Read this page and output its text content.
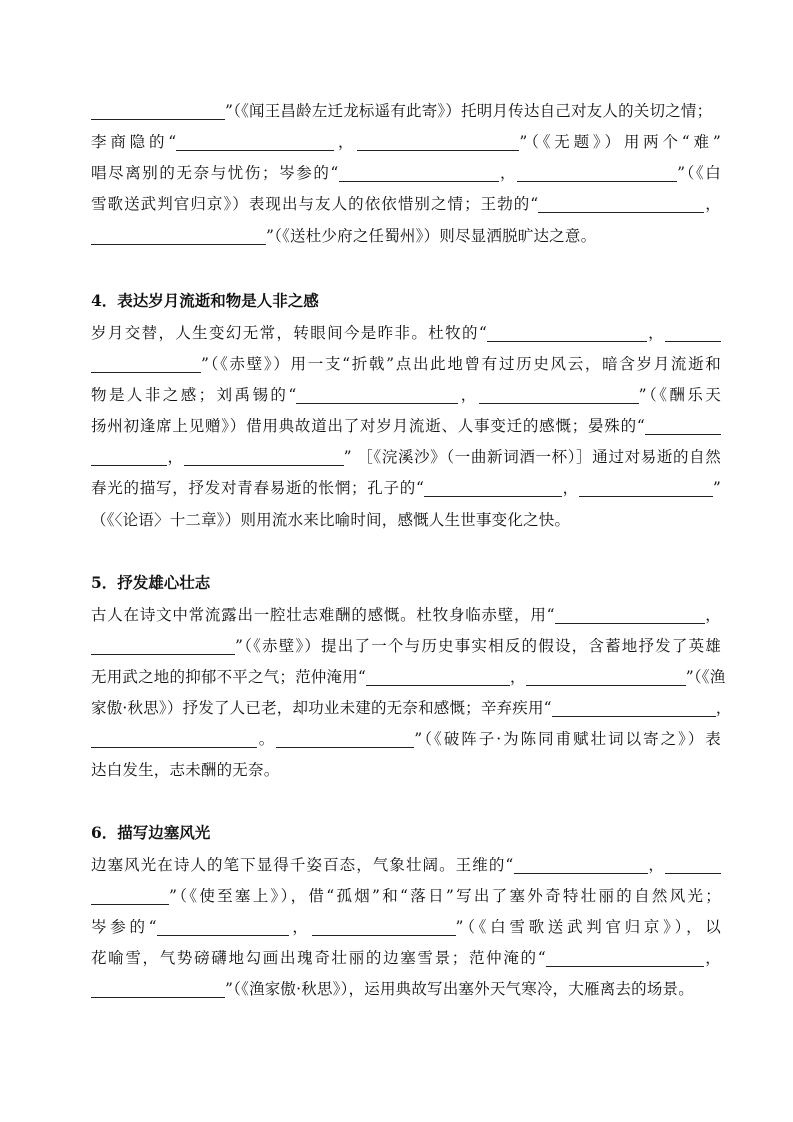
”（《闻王昌龄左迁龙标遥有此寄》）托明月传达自己对友人的关切之情；
李商隐的“	，	”（《无题》）用两个“难”
唱尽离别的无奈与忧伤；岑参的“	，	”（《白
雪歌送武判官归京》）表现出与友人的依依惜别之情；王勃的“	，
”（《送杜少府之任蜀州》）则尽显洒脱旷达之意。
4．表达岁月流逝和物是人非之感
岁月交替，人生变幻无常，转眼间今是昨非。杜牧的“	，
”（《赤壁》）用一支“折戟”点出此地曾有过历史风云，暗含岁月流逝和
物是人非之感；刘禹锡的“	，	”（《酬乐天
扬州初逢席上见赠》）借用典故道出了对岁月流逝、人事变迁的感慨；晏殊的“
，	” ［《浣溪沙》（一曲新词酒一杯）］通过对易逝的自然
春光的描写，抒发对青春易逝的怅惘；孔子的“	，	”
（《〈论语〉十二章》）则用流水来比喻时间，感慨人生世事变化之快。
5．抒发雄心壮志
古人在诗文中常流露出一腔壮志难酬的感慨。杜牧身临赤壁，用“	，
”（《赤壁》）提出了一个与历史事实相反的假设，含蓄地抒发了英雄
无用武之地的抑郁不平之气；范仲淹用“	，	”（《渔
家傲·秋思》）抒发了人已老，却功业未建的无奈和感慨；辛弃疾用“	，
。	”（《破阵子·为陈同甫赋壮词以寄之》）表
达白发生，志未酬的无奈。
6．描写边塞风光
边塞风光在诗人的笔下显得千姿百态，气象壮阔。王维的“	，
”（《使至塞上》），借“孤烟”和“落日”写出了塞外奇特壮丽的自然风光；
岑参的“	，	”（《白雪歌送武判官归京》），以
花喻雪，气势磅礴地勾画出瑰奇壮丽的边塞雪景；范仲淹的“	，
”（《渔家傲·秋思》），运用典故写出塞外天气寒冷，大雁离去的场景。
